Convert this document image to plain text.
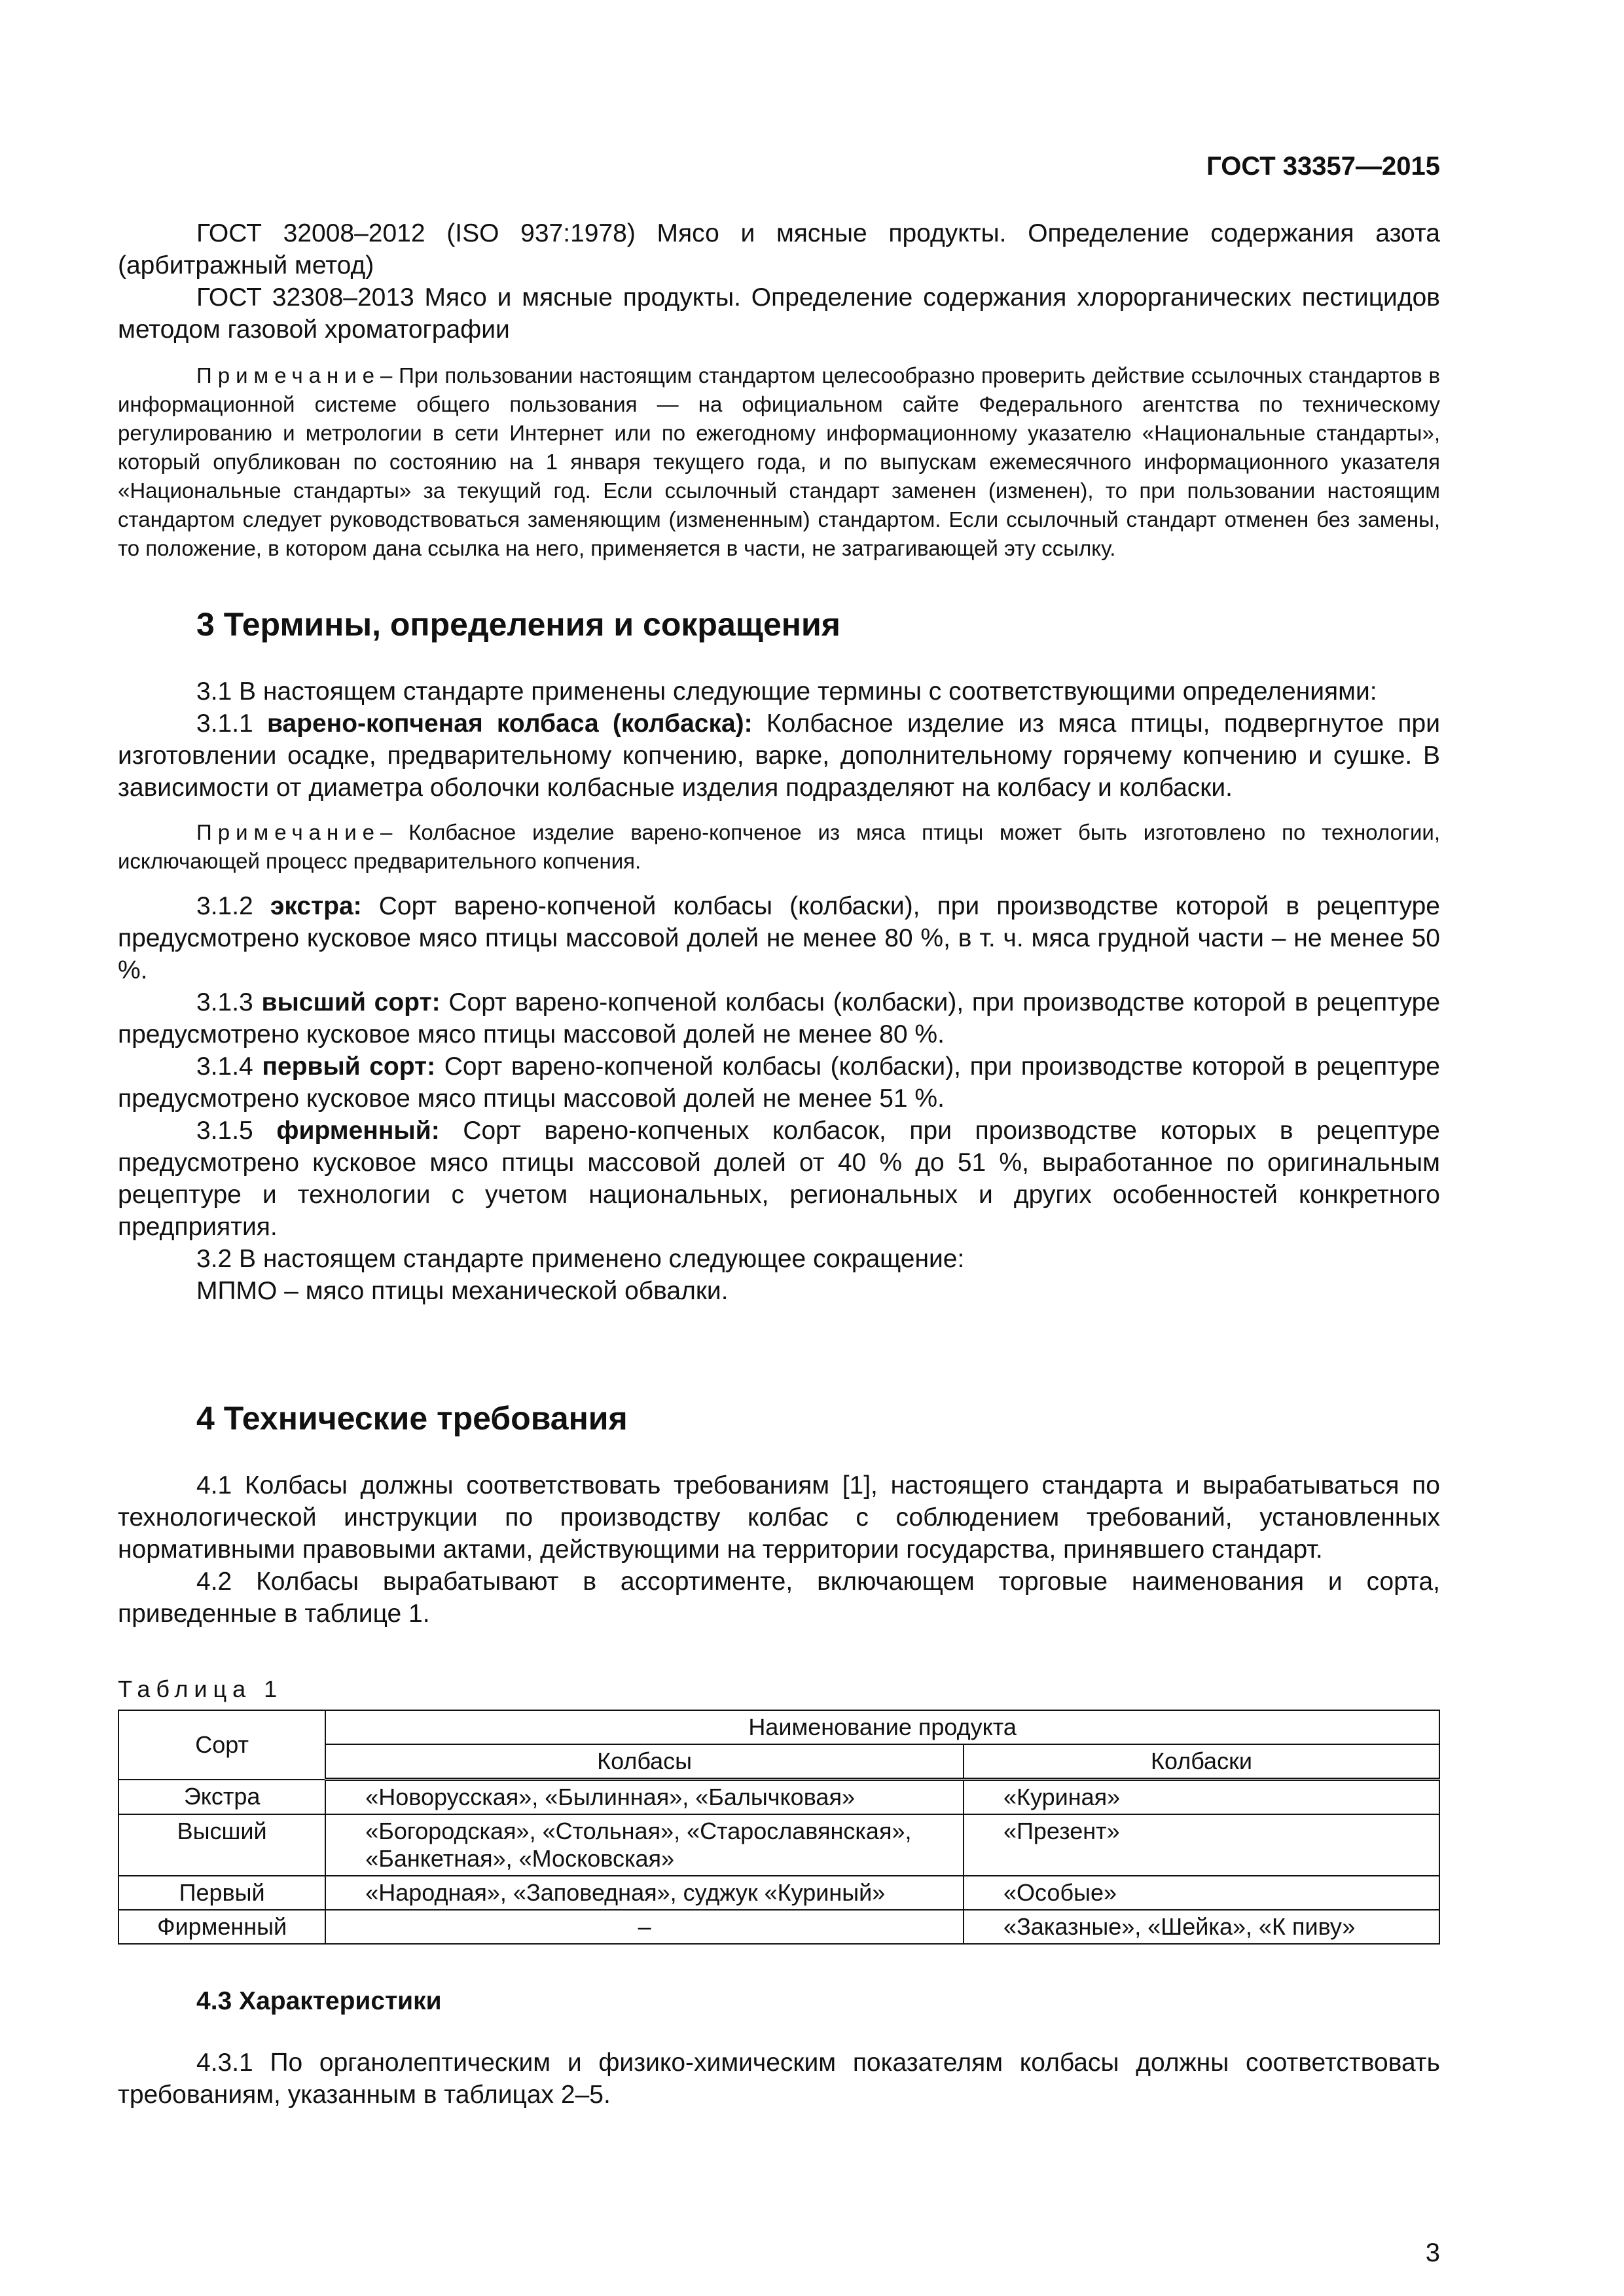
ГОСТ 33357—2015

ГОСТ 32008–2012 (ISO 937:1978) Мясо и мясные продукты. Определение содержания азота (арбитражный метод)

ГОСТ 32308–2013 Мясо и мясные продукты. Определение содержания хлорорганических пестицидов методом газовой хроматографии

Примечание– При пользовании настоящим стандартом целесообразно проверить действие ссылочных стандартов в информационной системе общего пользования — на официальном сайте Федерального агентства по техническому регулированию и метрологии в сети Интернет или по ежегодному информационному указателю «Национальные стандарты», который опубликован по состоянию на 1 января текущего года, и по выпускам ежемесячного информационного указателя «Национальные стандарты» за текущий год. Если ссылочный стандарт заменен (изменен), то при пользовании настоящим стандартом следует руководствоваться заменяющим (измененным) стандартом. Если ссылочный стандарт отменен без замены, то положение, в котором дана ссылка на него, применяется в части, не затрагивающей эту ссылку.

3 Термины, определения и сокращения

3.1 В настоящем стандарте применены следующие термины с соответствующими определениями:

3.1.1 варено-копченая колбаса (колбаска): Колбасное изделие из мяса птицы, подвергнутое при изготовлении осадке, предварительному копчению, варке, дополнительному горячему копчению и сушке. В зависимости от диаметра оболочки колбасные изделия подразделяют на колбасу и колбаски.

Примечание– Колбасное изделие варено-копченое из мяса птицы может быть изготовлено по технологии, исключающей процесс предварительного копчения.

3.1.2 экстра: Сорт варено-копченой колбасы (колбаски), при производстве которой в рецептуре предусмотрено кусковое мясо птицы массовой долей не менее 80 %, в т. ч. мяса грудной части – не менее 50 %.

3.1.3 высший сорт: Сорт варено-копченой колбасы (колбаски), при производстве которой в рецептуре предусмотрено кусковое мясо птицы массовой долей не менее 80 %.

3.1.4 первый сорт: Сорт варено-копченой колбасы (колбаски), при производстве которой в рецептуре предусмотрено кусковое мясо птицы массовой долей не менее 51 %.

3.1.5 фирменный: Сорт варено-копченых колбасок, при производстве которых в рецептуре предусмотрено кусковое мясо птицы массовой долей от 40 % до 51 %, выработанное по оригинальным рецептуре и технологии с учетом национальных, региональных и других особенностей конкретного предприятия.

3.2 В настоящем стандарте применено следующее сокращение:

МПМО – мясо птицы механической обвалки.

4 Технические требования

4.1 Колбасы должны соответствовать требованиям [1], настоящего стандарта и вырабатываться по технологической инструкции по производству колбас с соблюдением требований, установленных нормативными правовыми актами, действующими на территории государства, принявшего стандарт.

4.2 Колбасы вырабатывают в ассортименте, включающем торговые наименования и сорта, приведенные в таблице 1.

Таблица 1

Сорт	Наименование продукта	
	Колбасы	Колбаски
Экстра	«Новорусская», «Былинная», «Балычковая»	«Куриная»
Высший	«Богородская», «Стольная», «Старославянская», «Банкетная», «Московская»	«Презент»
Первый	«Народная», «Заповедная», суджук «Куриный»	«Особые»
Фирменный	–	«Заказные», «Шейка», «К пиву»

4.3 Характеристики

4.3.1 По органолептическим и физико-химическим показателям колбасы должны соответствовать требованиям, указанным в таблицах 2–5.

3
